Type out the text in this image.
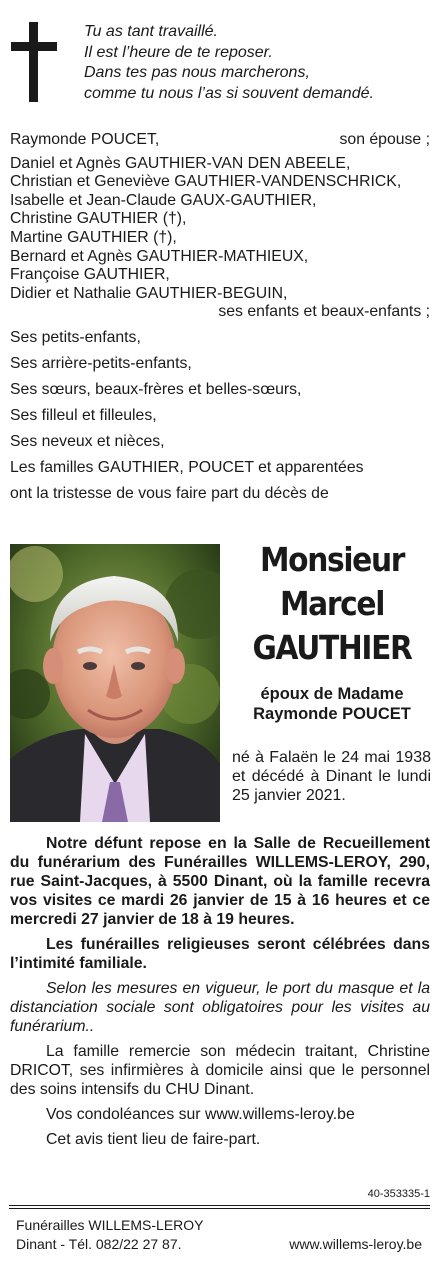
Tu as tant travaillé.
Il est l’heure de te reposer.
Dans tes pas nous marcherons,
comme tu nous l’as si souvent demandé.
Raymonde POUCET,	son épouse ;
Daniel et Agnès GAUTHIER-VAN DEN ABEELE,
Christian et Geneviève GAUTHIER-VANDENSCHRICK,
Isabelle et Jean-Claude GAUX-GAUTHIER,
Christine GAUTHIER (†),
Martine GAUTHIER (†),
Bernard et Agnès GAUTHIER-MATHIEUX,
Françoise GAUTHIER,
Didier et Nathalie GAUTHIER-BEGUIN,
ses enfants et beaux-enfants ;
Ses petits-enfants,
Ses arrière-petits-enfants,
Ses sœurs, beaux-frères et belles-sœurs,
Ses filleul et filleules,
Ses neveux et nièces,
Les familles GAUTHIER, POUCET et apparentées
ont la tristesse de vous faire part du décès de
Monsieur
Marcel
GAUTHIER
époux de Madame
Raymonde POUCET
né à Falaën le 24 mai 1938 et décédé à Dinant le lundi 25 janvier 2021.

Notre défunt repose en la Salle de Recueillement du funérarium des Funérailles WILLEMS-LEROY, 290, rue Saint-Jacques, à 5500 Dinant, où la famille recevra vos visites ce mardi 26 janvier de 15 à 16 heures et ce mercredi 27 janvier de 18 à 19 heures.

Les funérailles religieuses seront célébrées dans l’intimité familiale.

Selon les mesures en vigueur, le port du masque et la distanciation sociale sont obligatoires pour les visites au funérarium..

La famille remercie son médecin traitant, Christine DRICOT, ses infirmières à domicile ainsi que le personnel des soins intensifs du CHU Dinant.

Vos condoléances sur www.willems-leroy.be

Cet avis tient lieu de faire-part.

40-353335-1
Funérailles WILLEMS-LEROY
Dinant - Tél. 082/22 27 87.	www.willems-leroy.be
